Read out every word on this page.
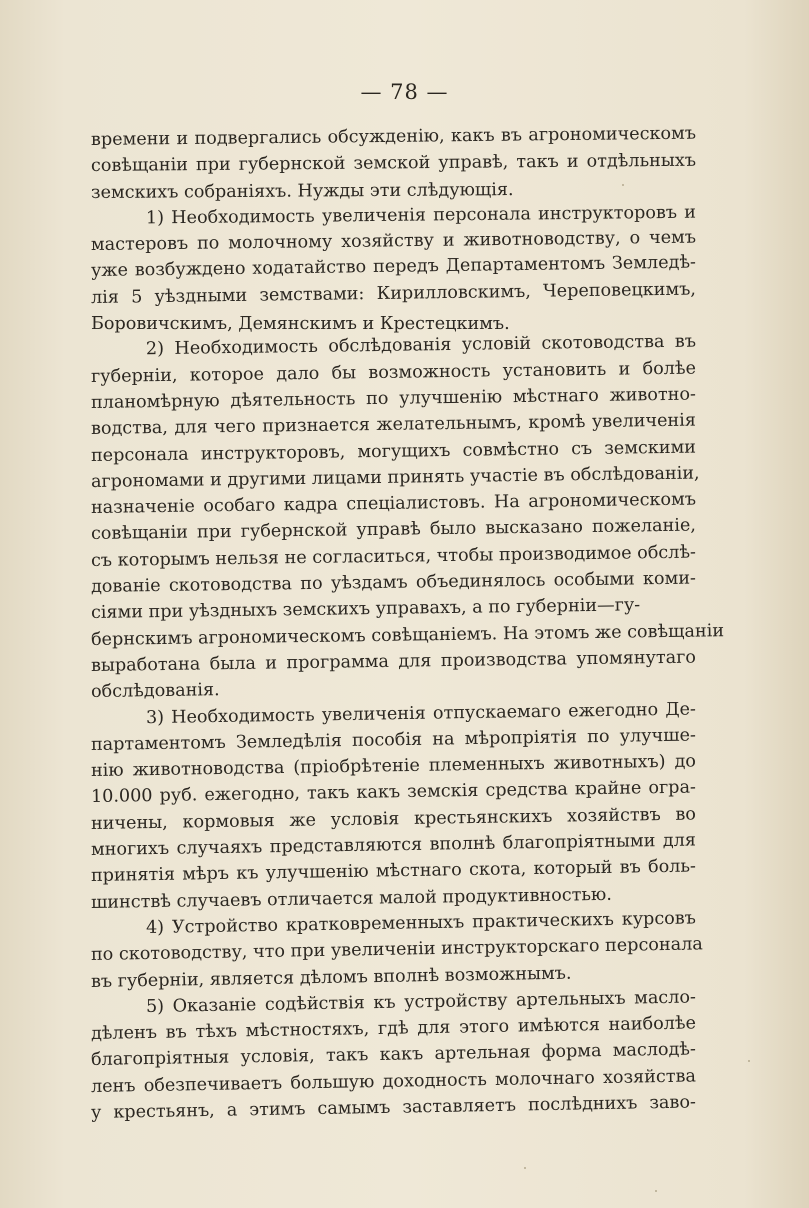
— 78 —
времени и подвергались обсужденію, какъ въ агрономическомъ
совѣщаніи при губернской земской управѣ, такъ и отдѣльныхъ
земскихъ собраніяхъ. Нужды эти слѣдующія.
1) Необходимость увеличенія персонала инструкторовъ и
мастеровъ по молочному хозяйству и животноводству, о чемъ
уже возбуждено ходатайство передъ Департаментомъ Земледѣ-
лія 5 уѣздными земствами: Кирилловскимъ, Череповецкимъ,
Боровичскимъ, Демянскимъ и Крестецкимъ.
2) Необходимость обслѣдованія условій скотоводства въ
губерніи, которое дало бы возможность установить и болѣе
планомѣрную дѣятельность по улучшенію мѣстнаго животно-
водства, для чего признается желательнымъ, кромѣ увеличенія
персонала инструкторовъ, могущихъ совмѣстно съ земскими
агрономами и другими лицами принять участіе въ обслѣдованіи,
назначеніе особаго кадра спеціалистовъ. На агрономическомъ
совѣщаніи при губернской управѣ было высказано пожеланіе,
съ которымъ нельзя не согласиться, чтобы производимое обслѣ-
дованіе скотоводства по уѣздамъ объединялось особыми коми-
сіями при уѣздныхъ земскихъ управахъ, а по губерніи—гу-
бернскимъ агрономическомъ совѣщаніемъ. На этомъ же совѣщаніи
выработана была и программа для производства упомянутаго
обслѣдованія.
3) Необходимость увеличенія отпускаемаго ежегодно Де-
партаментомъ Земледѣлія пособія на мѣропріятія по улучше-
нію животноводства (пріобрѣтеніе племенныхъ животныхъ) до
10.000 руб. ежегодно, такъ какъ земскія средства крайне огра-
ничены, кормовыя же условія крестьянскихъ хозяйствъ во
многихъ случаяхъ представляются вполнѣ благопріятными для
принятія мѣръ къ улучшенію мѣстнаго скота, который въ боль-
шинствѣ случаевъ отличается малой продуктивностью.
4) Устройство кратковременныхъ практическихъ курсовъ
по скотоводству, что при увеличеніи инструкторскаго персонала
въ губерніи, является дѣломъ вполнѣ возможнымъ.
5) Оказаніе содѣйствія къ устройству артельныхъ масло-
дѣленъ въ тѣхъ мѣстностяхъ, гдѣ для этого имѣются наиболѣе
благопріятныя условія, такъ какъ артельная форма маслодѣ-
ленъ обезпечиваетъ большую доходность молочнаго хозяйства
у крестьянъ, а этимъ самымъ заставляетъ послѣднихъ заво-
